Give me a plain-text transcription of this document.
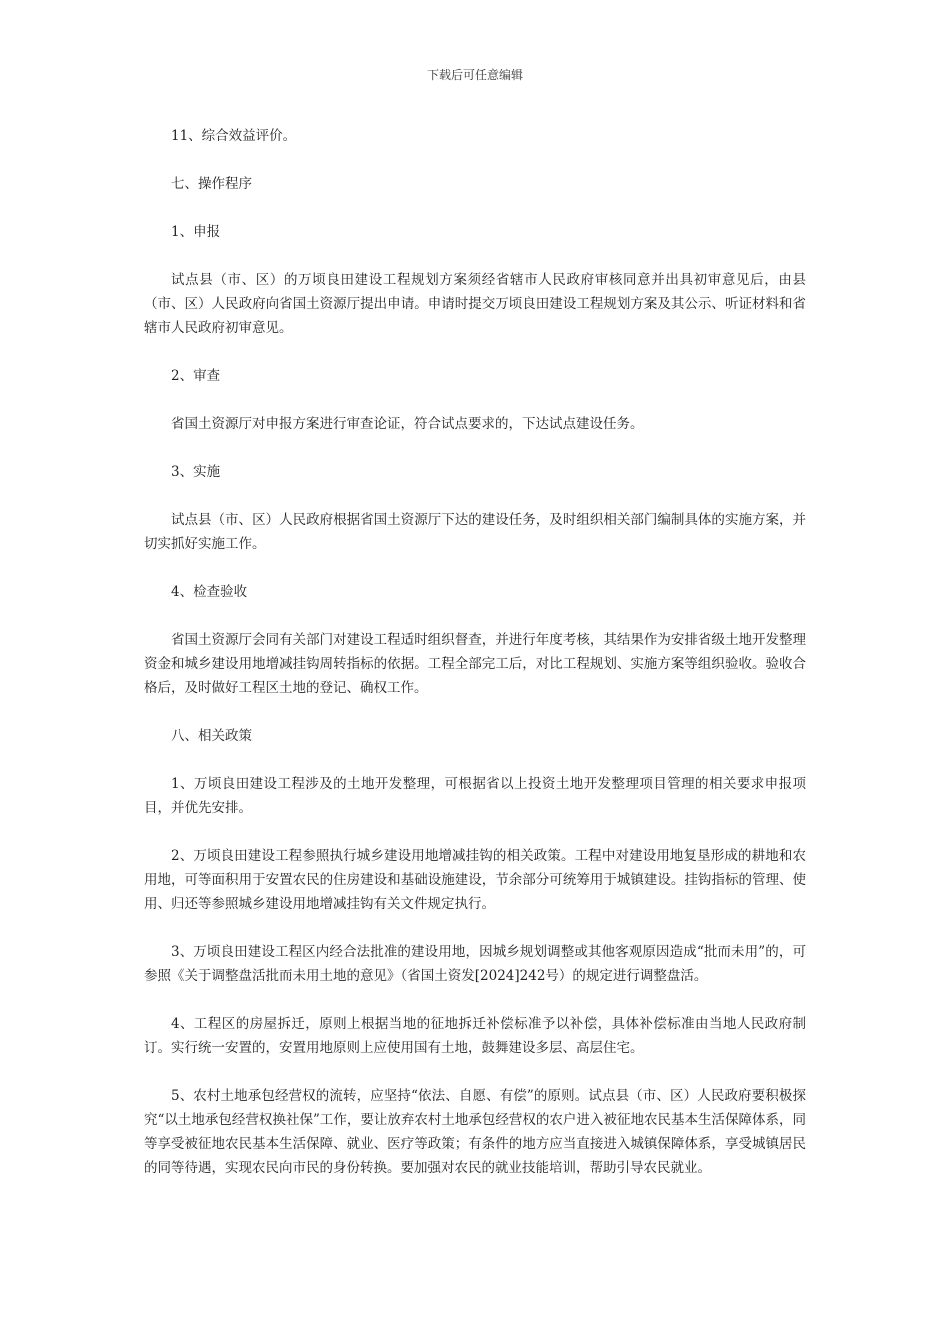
下载后可任意编辑

11、综合效益评价。

七、操作程序

1、申报

试点县（市、区）的万顷良田建设工程规划方案须经省辖市人民政府审核同意并出具初审意见后，由县（市、区）人民政府向省国土资源厅提出申请。申请时提交万顷良田建设工程规划方案及其公示、听证材料和省辖市人民政府初审意见。

2、审查

省国土资源厅对申报方案进行审查论证，符合试点要求的，下达试点建设任务。

3、实施

试点县（市、区）人民政府根据省国土资源厅下达的建设任务，及时组织相关部门编制具体的实施方案，并切实抓好实施工作。

4、检查验收

省国土资源厅会同有关部门对建设工程适时组织督查，并进行年度考核，其结果作为安排省级土地开发整理资金和城乡建设用地增减挂钩周转指标的依据。工程全部完工后，对比工程规划、实施方案等组织验收。验收合格后，及时做好工程区土地的登记、确权工作。

八、相关政策

1、万顷良田建设工程涉及的土地开发整理，可根据省以上投资土地开发整理项目管理的相关要求申报项目，并优先安排。

2、万顷良田建设工程参照执行城乡建设用地增减挂钩的相关政策。工程中对建设用地复垦形成的耕地和农用地，可等面积用于安置农民的住房建设和基础设施建设，节余部分可统筹用于城镇建设。挂钩指标的管理、使用、归还等参照城乡建设用地增减挂钩有关文件规定执行。

3、万顷良田建设工程区内经合法批准的建设用地，因城乡规划调整或其他客观原因造成“批而未用”的，可参照《关于调整盘活批而未用土地的意见》（省国土资发[2024]242号）的规定进行调整盘活。

4、工程区的房屋拆迁，原则上根据当地的征地拆迁补偿标准予以补偿，具体补偿标准由当地人民政府制订。实行统一安置的，安置用地原则上应使用国有土地，鼓舞建设多层、高层住宅。

5、农村土地承包经营权的流转，应坚持“依法、自愿、有偿”的原则。试点县（市、区）人民政府要积极探究“以土地承包经营权换社保”工作，要让放弃农村土地承包经营权的农户进入被征地农民基本生活保障体系，同等享受被征地农民基本生活保障、就业、医疗等政策；有条件的地方应当直接进入城镇保障体系，享受城镇居民的同等待遇，实现农民向市民的身份转换。要加强对农民的就业技能培训，帮助引导农民就业。
